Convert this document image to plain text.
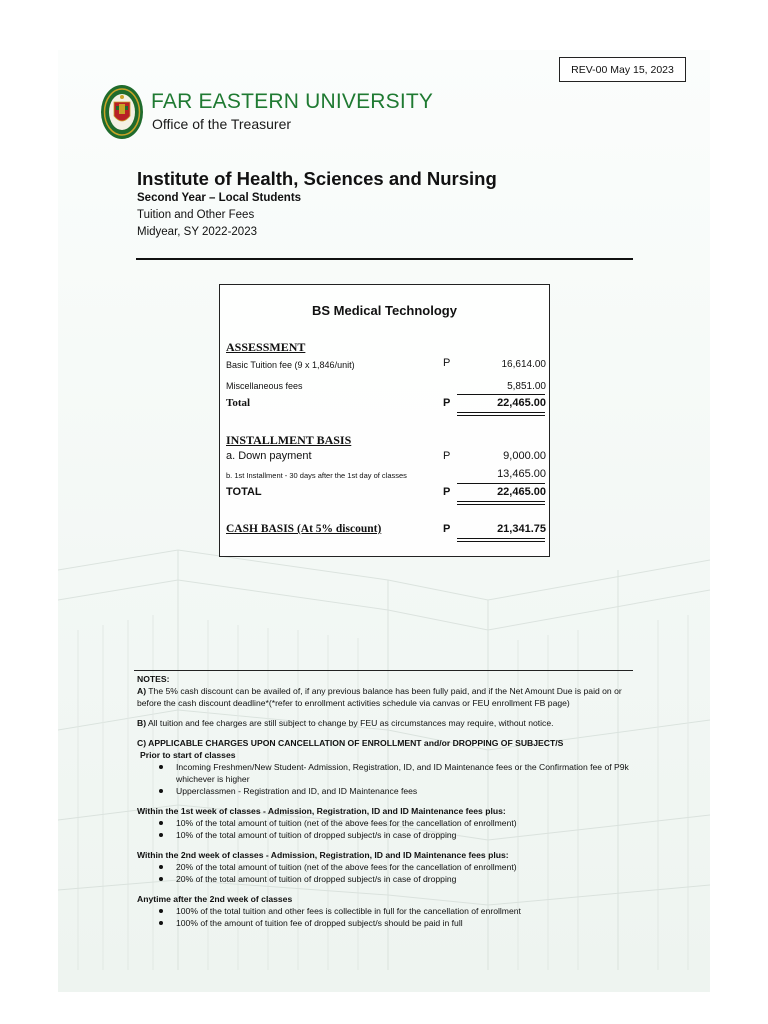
REV-00 May 15, 2023
FAR EASTERN UNIVERSITY
Office of the Treasurer
Institute of Health, Sciences and Nursing
Second Year – Local Students
Tuition and Other Fees
Midyear, SY 2022-2023
BS Medical Technology
ASSESSMENT
Basic Tuition fee (9 x 1,846/unit)	P	16,614.00
Miscellaneous fees	5,851.00
Total	P	22,465.00
INSTALLMENT BASIS
a. Down payment	P	9,000.00
b. 1st Installment - 30 days after the 1st day of classes	13,465.00
TOTAL	P	22,465.00
CASH BASIS (At 5% discount)	P	21,341.75

NOTES:

A) The 5% cash discount can be availed of, if any previous balance has been fully paid, and if the Net Amount Due is paid on or before the cash discount deadline*(*refer to enrollment activities schedule via canvas or FEU enrollment FB page)

B) All tuition and fee charges are still subject to change by FEU as circumstances may require, without notice.

C) APPLICABLE CHARGES UPON CANCELLATION OF ENROLLMENT and/or DROPPING OF SUBJECT/S

Prior to start of classes

Incoming Freshmen/New Student- Admission, Registration, ID, and ID Maintenance fees or the Confirmation fee of P9k whichever is higher
Upperclassmen - Registration and ID, and ID Maintenance fees

Within the 1st week of classes - Admission, Registration, ID and ID Maintenance fees plus:

10% of the total amount of tuition (net of the above fees for the cancellation of enrollment)
10% of the total amount of tuition of dropped subject/s in case of dropping

Within the 2nd week of classes - Admission, Registration, ID and ID Maintenance fees plus:

20% of the total amount of tuition (net of the above fees for the cancellation of enrollment)
20% of the total amount of tuition of dropped subject/s in case of dropping

Anytime after the 2nd week of classes

100% of the total tuition and other fees is collectible in full for the cancellation of enrollment
100% of the amount of tuition fee of dropped subject/s should be paid in full
